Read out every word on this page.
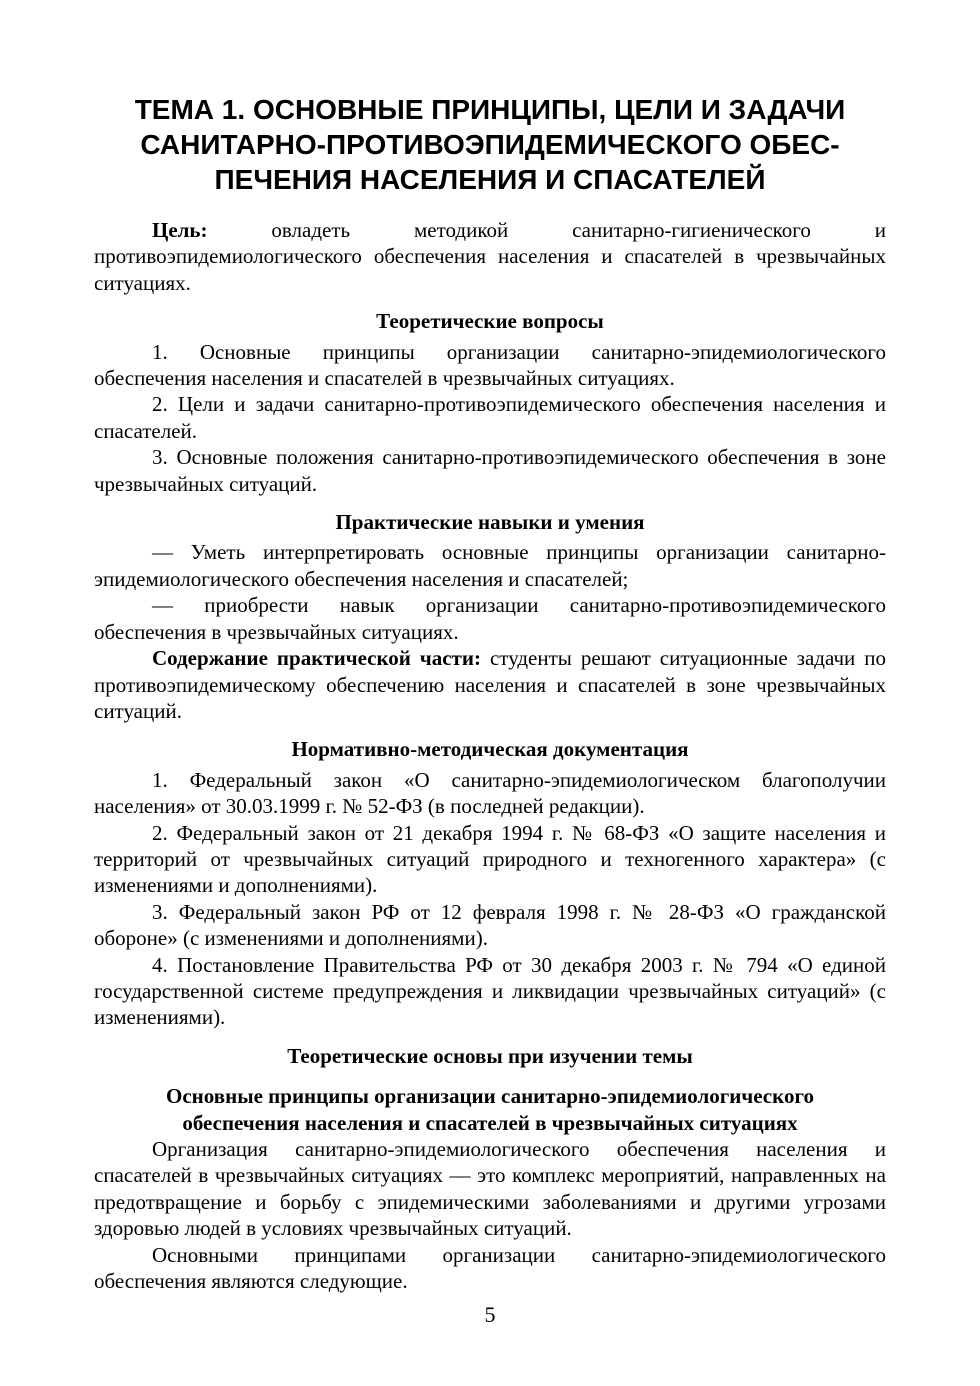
ТЕМА 1. ОСНОВНЫЕ ПРИНЦИПЫ, ЦЕЛИ И ЗАДАЧИ
САНИТАРНО-ПРОТИВОЭПИДЕМИЧЕСКОГО ОБЕС-
ПЕЧЕНИЯ НАСЕЛЕНИЯ И СПАСАТЕЛЕЙ

Цель: овладеть методикой санитарно-гигиенического и противоэпидемиологического обеспечения населения и спасателей в чрезвычайных ситуациях.

Теоретические вопросы

1. Основные принципы организации санитарно-эпидемиологического обеспечения населения и спасателей в чрезвычайных ситуациях.

2. Цели и задачи санитарно-противоэпидемического обеспечения населения и спасателей.

3. Основные положения санитарно-противоэпидемического обеспечения в зоне чрезвычайных ситуаций.

Практические навыки и умения

— Уметь интерпретировать основные принципы организации санитарно-эпидемиологического обеспечения населения и спасателей;

— приобрести навык организации санитарно-противоэпидемического обеспечения в чрезвычайных ситуациях.

Содержание практической части: студенты решают ситуационные задачи по противоэпидемическому обеспечению населения и спасателей в зоне чрезвычайных ситуаций.

Нормативно-методическая документация

1. Федеральный закон «О санитарно-эпидемиологическом благополучии населения» от 30.03.1999 г. № 52-ФЗ (в последней редакции).

2. Федеральный закон от 21 декабря 1994 г. № 68-ФЗ «О защите населения и территорий от чрезвычайных ситуаций природного и техногенного характера» (с изменениями и дополнениями).

3. Федеральный закон РФ от 12 февраля 1998 г. № 28-ФЗ «О гражданской обороне» (с изменениями и дополнениями).

4. Постановление Правительства РФ от 30 декабря 2003 г. № 794 «О единой государственной системе предупреждения и ликвидации чрезвычайных ситуаций» (с изменениями).

Теоретические основы при изучении темы

Основные принципы организации санитарно-эпидемиологического
обеспечения населения и спасателей в чрезвычайных ситуациях

Организация санитарно-эпидемиологического обеспечения населения и спасателей в чрезвычайных ситуациях — это комплекс мероприятий, направленных на предотвращение и борьбу с эпидемическими заболеваниями и другими угрозами здоровью людей в условиях чрезвычайных ситуаций.

Основными принципами организации санитарно-эпидемиологического обеспечения являются следующие.

5
